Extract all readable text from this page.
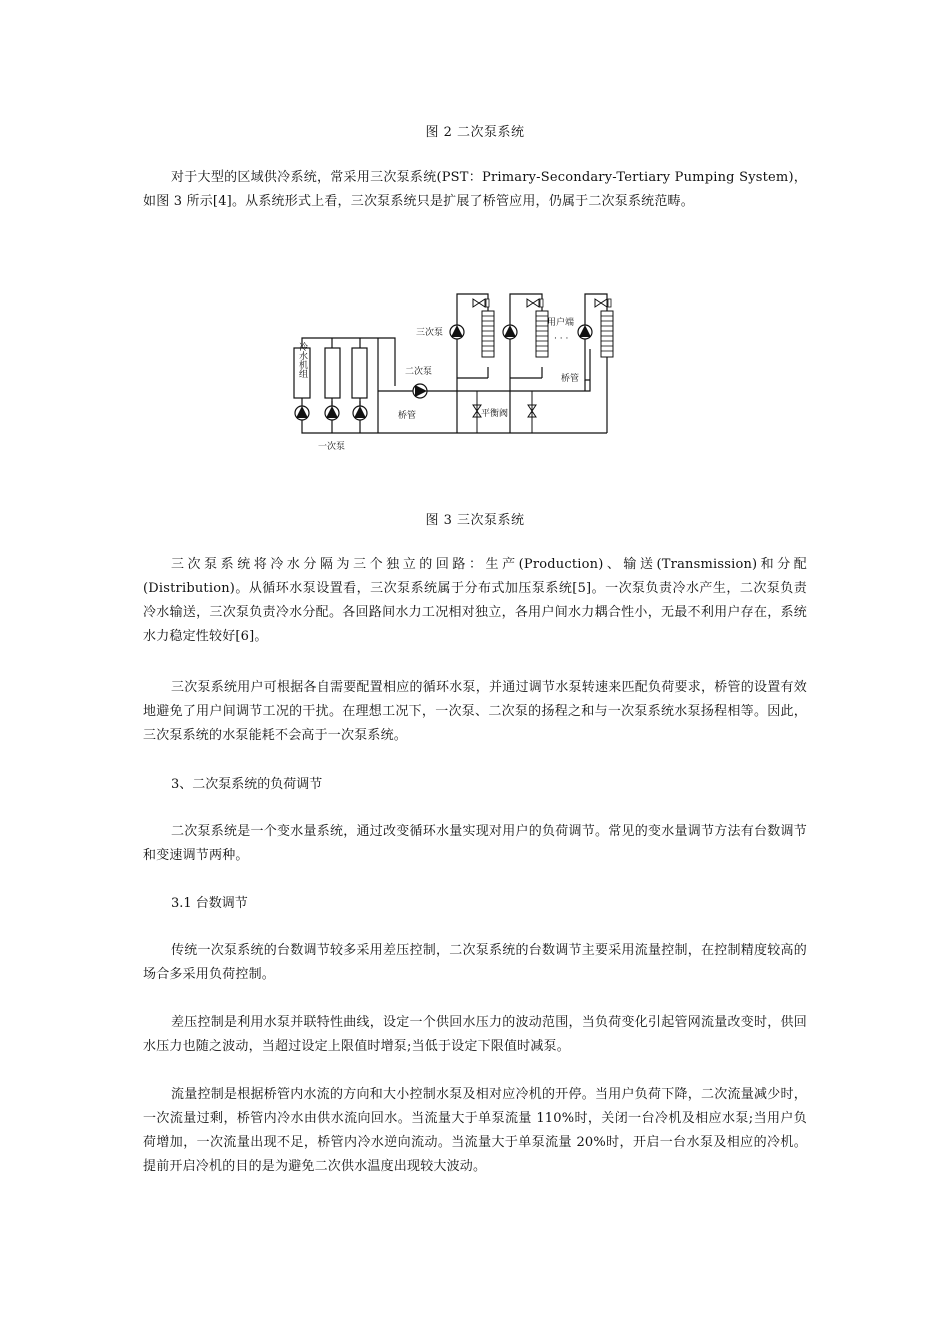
图 2 二次泵系统

对于大型的区域供冷系统，常采用三次泵系统(PST：Primary-Secondary-Tertiary Pumping System)，如图 3 所示[4]。从系统形式上看，三次泵系统只是扩展了桥管应用，仍属于二次泵系统范畴。

冷水机组
一次泵
二次泵
桥管
桥管
平衡阀
三次泵
用户端
· · ·
图 3 三次泵系统

三次泵系统将冷水分隔为三个独立的回路：生产(Production)、输送(Transmission)和分配(Distribution)。从循环水泵设置看，三次泵系统属于分布式加压泵系统[5]。一次泵负责冷水产生，二次泵负责冷水输送，三次泵负责冷水分配。各回路间水力工况相对独立，各用户间水力耦合性小，无最不利用户存在，系统水力稳定性较好[6]。

三次泵系统用户可根据各自需要配置相应的循环水泵，并通过调节水泵转速来匹配负荷要求，桥管的设置有效地避免了用户间调节工况的干扰。在理想工况下，一次泵、二次泵的扬程之和与一次泵系统水泵扬程相等。因此，三次泵系统的水泵能耗不会高于一次泵系统。

3、二次泵系统的负荷调节

二次泵系统是一个变水量系统，通过改变循环水量实现对用户的负荷调节。常见的变水量调节方法有台数调节和变速调节两种。

3.1 台数调节

传统一次泵系统的台数调节较多采用差压控制，二次泵系统的台数调节主要采用流量控制，在控制精度较高的场合多采用负荷控制。

差压控制是利用水泵并联特性曲线，设定一个供回水压力的波动范围，当负荷变化引起管网流量改变时，供回水压力也随之波动，当超过设定上限值时增泵;当低于设定下限值时减泵。

流量控制是根据桥管内水流的方向和大小控制水泵及相对应冷机的开停。当用户负荷下降，二次流量减少时，一次流量过剩，桥管内冷水由供水流向回水。当流量大于单泵流量 110%时，关闭一台冷机及相应水泵;当用户负荷增加，一次流量出现不足，桥管内冷水逆向流动。当流量大于单泵流量 20%时，开启一台水泵及相应的冷机。提前开启冷机的目的是为避免二次供水温度出现较大波动。
